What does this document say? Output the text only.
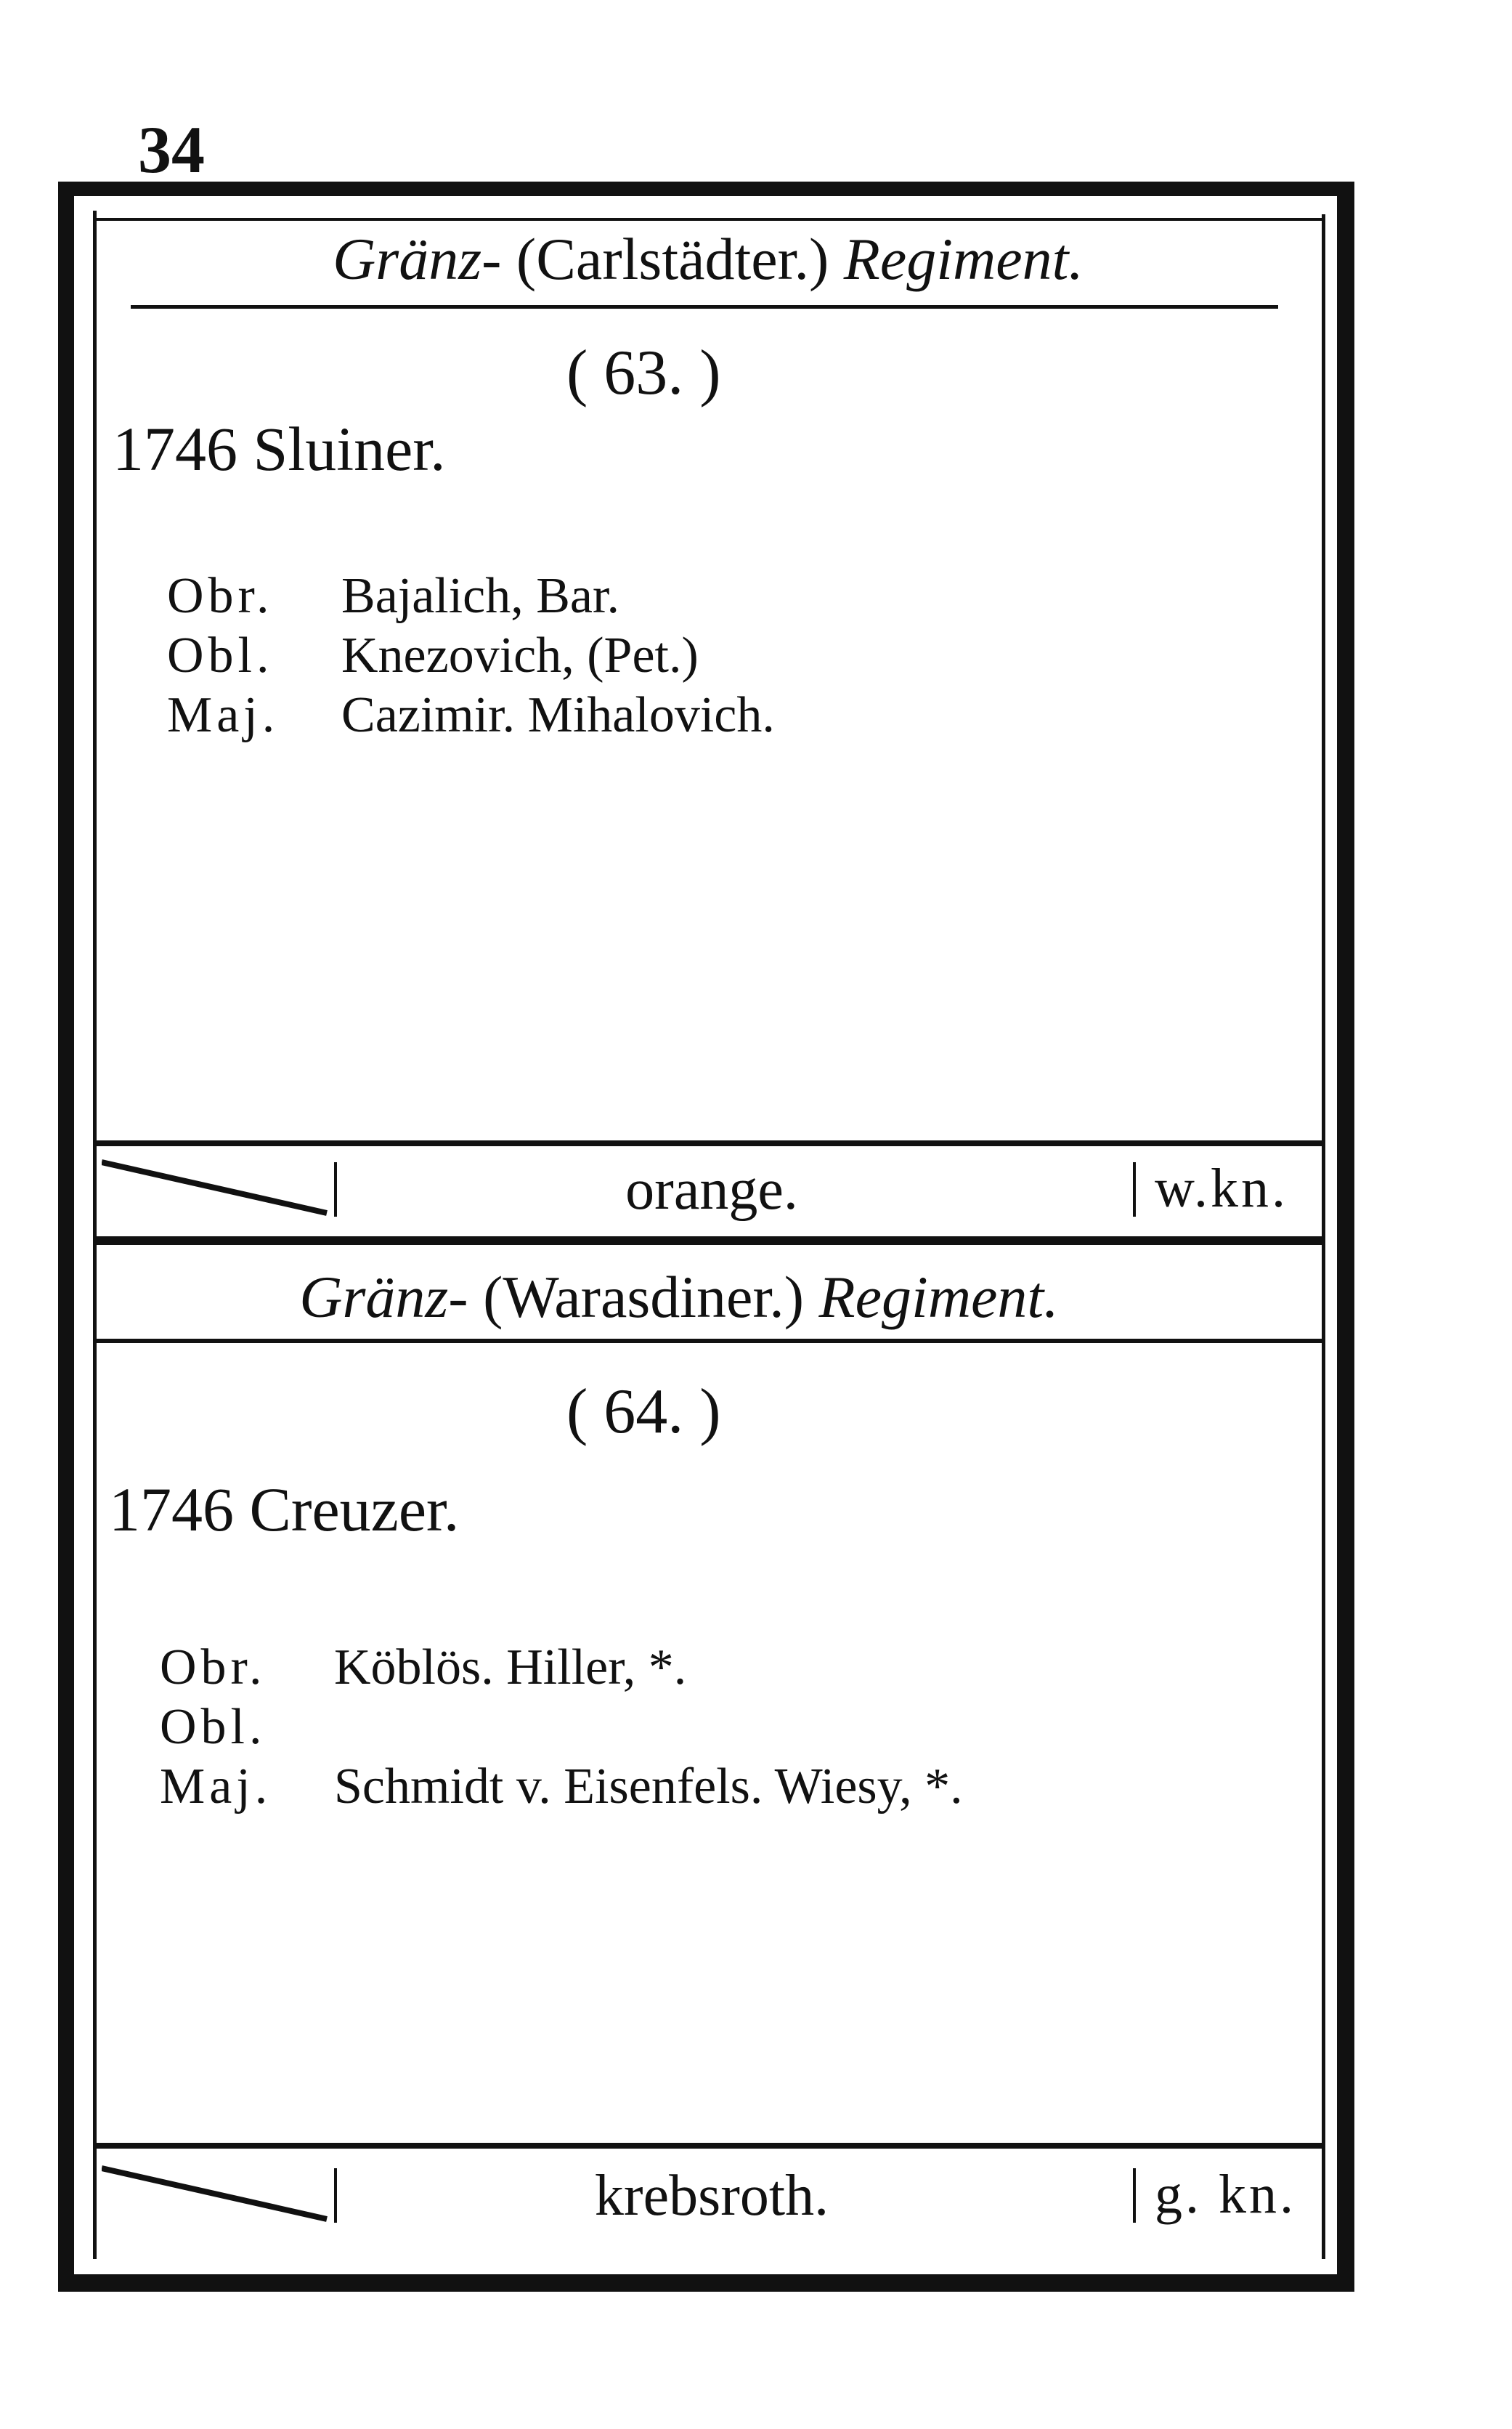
34
Gränz- (Carlstädter.) Regiment.
( 63. )
1746 Sluiner.
Obr.	Bajalich, Bar.
Obl.	Knezovich, (Pet.)
Maj.	Cazimir. Mihalovich.
orange.	w.kn.
Gränz- (Warasdiner.) Regiment.
( 64. )
1746 Creuzer.
Obr.	Köblös. Hiller, *.
Obl.
Maj.	Schmidt v. Eisenfels. Wiesy, *.
krebsroth.	g. kn.
